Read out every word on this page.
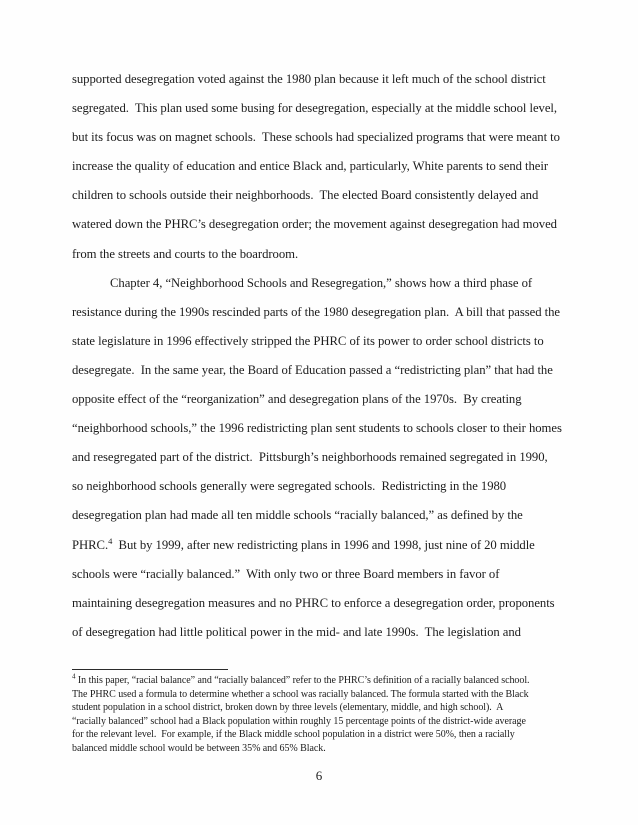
supported desegregation voted against the 1980 plan because it left much of the school district
segregated.  This plan used some busing for desegregation, especially at the middle school level,
but its focus was on magnet schools.  These schools had specialized programs that were meant to
increase the quality of education and entice Black and, particularly, White parents to send their
children to schools outside their neighborhoods.  The elected Board consistently delayed and
watered down the PHRC’s desegregation order; the movement against desegregation had moved
from the streets and courts to the boardroom.
Chapter 4, “Neighborhood Schools and Resegregation,” shows how a third phase of
resistance during the 1990s rescinded parts of the 1980 desegregation plan.  A bill that passed the
state legislature in 1996 effectively stripped the PHRC of its power to order school districts to
desegregate.  In the same year, the Board of Education passed a “redistricting plan” that had the
opposite effect of the “reorganization” and desegregation plans of the 1970s.  By creating
“neighborhood schools,” the 1996 redistricting plan sent students to schools closer to their homes
and resegregated part of the district.  Pittsburgh’s neighborhoods remained segregated in 1990,
so neighborhood schools generally were segregated schools.  Redistricting in the 1980
desegregation plan had made all ten middle schools “racially balanced,” as defined by the
PHRC.$^4$  But by 1999, after new redistricting plans in 1996 and 1998, just nine of 20 middle
schools were “racially balanced.”  With only two or three Board members in favor of
maintaining desegregation measures and no PHRC to enforce a desegregation order, proponents
of desegregation had little political power in the mid- and late 1990s.  The legislation and
$^4$ In this paper, “racial balance” and “racially balanced” refer to the PHRC’s definition of a racially balanced school.
The PHRC used a formula to determine whether a school was racially balanced. The formula started with the Black
student population in a school district, broken down by three levels (elementary, middle, and high school).  A
“racially balanced” school had a Black population within roughly 15 percentage points of the district-wide average
for the relevant level.  For example, if the Black middle school population in a district were 50%, then a racially
balanced middle school would be between 35% and 65% Black.
6
